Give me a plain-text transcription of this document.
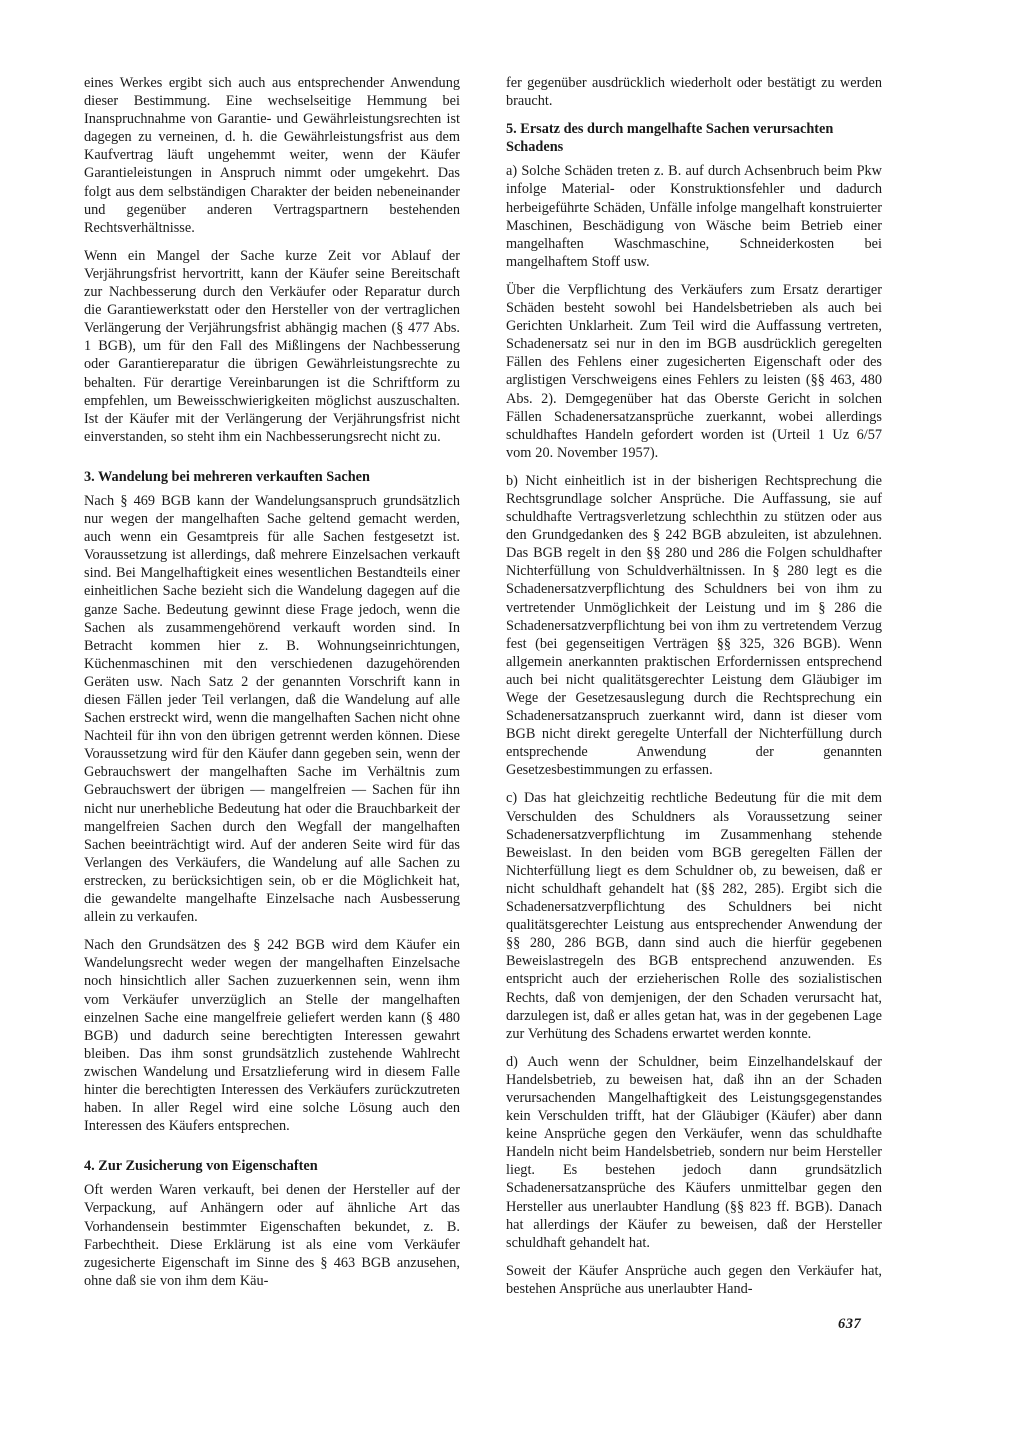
eines Werkes ergibt sich auch aus entsprechender Anwendung dieser Bestimmung. Eine wechselseitige Hemmung bei Inanspruchnahme von Garantie- und Gewährleistungsrechten ist dagegen zu verneinen, d. h. die Gewährleistungsfrist aus dem Kaufvertrag läuft ungehemmt weiter, wenn der Käufer Garantieleistungen in Anspruch nimmt oder umgekehrt. Das folgt aus dem selbständigen Charakter der beiden nebeneinander und gegenüber anderen Vertragspartnern bestehenden Rechtsverhältnisse.

Wenn ein Mangel der Sache kurze Zeit vor Ablauf der Verjährungsfrist hervortritt, kann der Käufer seine Bereitschaft zur Nachbesserung durch den Verkäufer oder Reparatur durch die Garantiewerkstatt oder den Hersteller von der vertraglichen Verlängerung der Verjährungsfrist abhängig machen (§ 477 Abs. 1 BGB), um für den Fall des Mißlingens der Nachbesserung oder Garantiereparatur die übrigen Gewährleistungsrechte zu behalten. Für derartige Vereinbarungen ist die Schriftform zu empfehlen, um Beweisschwierigkeiten möglichst auszuschalten. Ist der Käufer mit der Verlängerung der Verjährungsfrist nicht einverstanden, so steht ihm ein Nachbesserungsrecht nicht zu.

3. Wandelung bei mehreren verkauften Sachen

Nach § 469 BGB kann der Wandelungsanspruch grundsätzlich nur wegen der mangelhaften Sache geltend gemacht werden, auch wenn ein Gesamtpreis für alle Sachen festgesetzt ist. Voraussetzung ist allerdings, daß mehrere Einzelsachen verkauft sind. Bei Mangelhaftigkeit eines wesentlichen Bestandteils einer einheitlichen Sache bezieht sich die Wandelung dagegen auf die ganze Sache. Bedeutung gewinnt diese Frage jedoch, wenn die Sachen als zusammengehörend verkauft worden sind. In Betracht kommen hier z. B. Wohnungseinrichtungen, Küchenmaschinen mit den verschiedenen dazugehörenden Geräten usw. Nach Satz 2 der genannten Vorschrift kann in diesen Fällen jeder Teil verlangen, daß die Wandelung auf alle Sachen erstreckt wird, wenn die mangelhaften Sachen nicht ohne Nachteil für ihn von den übrigen getrennt werden können. Diese Voraussetzung wird für den Käufer dann gegeben sein, wenn der Gebrauchswert der mangelhaften Sache im Verhältnis zum Gebrauchswert der übrigen — mangelfreien — Sachen für ihn nicht nur unerhebliche Bedeutung hat oder die Brauchbarkeit der mangelfreien Sachen durch den Wegfall der mangelhaften Sachen beeinträchtigt wird. Auf der anderen Seite wird für das Verlangen des Verkäufers, die Wandelung auf alle Sachen zu erstrecken, zu berücksichtigen sein, ob er die Möglichkeit hat, die gewandelte mangelhafte Einzelsache nach Ausbesserung allein zu verkaufen.

Nach den Grundsätzen des § 242 BGB wird dem Käufer ein Wandelungsrecht weder wegen der mangelhaften Einzelsache noch hinsichtlich aller Sachen zuzuerkennen sein, wenn ihm vom Verkäufer unverzüglich an Stelle der mangelhaften einzelnen Sache eine mangelfreie geliefert werden kann (§ 480 BGB) und dadurch seine berechtigten Interessen gewahrt bleiben. Das ihm sonst grundsätzlich zustehende Wahlrecht zwischen Wandelung und Ersatzlieferung wird in diesem Falle hinter die berechtigten Interessen des Verkäufers zurückzutreten haben. In aller Regel wird eine solche Lösung auch den Interessen des Käufers entsprechen.

4. Zur Zusicherung von Eigenschaften

Oft werden Waren verkauft, bei denen der Hersteller auf der Verpackung, auf Anhängern oder auf ähnliche Art das Vorhandensein bestimmter Eigenschaften bekundet, z. B. Farbechtheit. Diese Erklärung ist als eine vom Verkäufer zugesicherte Eigenschaft im Sinne des § 463 BGB anzusehen, ohne daß sie von ihm dem Käu-

fer gegenüber ausdrücklich wiederholt oder bestätigt zu werden braucht.

5. Ersatz des durch mangelhafte Sachen verursachten Schadens

a) Solche Schäden treten z. B. auf durch Achsenbruch beim Pkw infolge Material- oder Konstruktionsfehler und dadurch herbeigeführte Schäden, Unfälle infolge mangelhaft konstruierter Maschinen, Beschädigung von Wäsche beim Betrieb einer mangelhaften Waschmaschine, Schneiderkosten bei mangelhaftem Stoff usw.

Über die Verpflichtung des Verkäufers zum Ersatz derartiger Schäden besteht sowohl bei Handelsbetrieben als auch bei Gerichten Unklarheit. Zum Teil wird die Auffassung vertreten, Schadenersatz sei nur in den im BGB ausdrücklich geregelten Fällen des Fehlens einer zugesicherten Eigenschaft oder des arglistigen Verschweigens eines Fehlers zu leisten (§§ 463, 480 Abs. 2). Demgegenüber hat das Oberste Gericht in solchen Fällen Schadenersatzansprüche zuerkannt, wobei allerdings schuldhaftes Handeln gefordert worden ist (Urteil 1 Uz 6/57 vom 20. November 1957).

b) Nicht einheitlich ist in der bisherigen Rechtsprechung die Rechtsgrundlage solcher Ansprüche. Die Auffassung, sie auf schuldhafte Vertragsverletzung schlechthin zu stützen oder aus den Grundgedanken des § 242 BGB abzuleiten, ist abzulehnen. Das BGB regelt in den §§ 280 und 286 die Folgen schuldhafter Nichterfüllung von Schuldverhältnissen. In § 280 legt es die Schadenersatzverpflichtung des Schuldners bei von ihm zu vertretender Unmöglichkeit der Leistung und im § 286 die Schadenersatzverpflichtung bei von ihm zu vertretendem Verzug fest (bei gegenseitigen Verträgen §§ 325, 326 BGB). Wenn allgemein anerkannten praktischen Erfordernissen entsprechend auch bei nicht qualitätsgerechter Leistung dem Gläubiger im Wege der Gesetzesauslegung durch die Rechtsprechung ein Schadenersatzanspruch zuerkannt wird, dann ist dieser vom BGB nicht direkt geregelte Unterfall der Nichterfüllung durch entsprechende Anwendung der genannten Gesetzesbestimmungen zu erfassen.

c) Das hat gleichzeitig rechtliche Bedeutung für die mit dem Verschulden des Schuldners als Voraussetzung seiner Schadenersatzverpflichtung im Zusammenhang stehende Beweislast. In den beiden vom BGB geregelten Fällen der Nichterfüllung liegt es dem Schuldner ob, zu beweisen, daß er nicht schuldhaft gehandelt hat (§§ 282, 285). Ergibt sich die Schadenersatzverpflichtung des Schuldners bei nicht qualitätsgerechter Leistung aus entsprechender Anwendung der §§ 280, 286 BGB, dann sind auch die hierfür gegebenen Beweislastregeln des BGB entsprechend anzuwenden. Es entspricht auch der erzieherischen Rolle des sozialistischen Rechts, daß von demjenigen, der den Schaden verursacht hat, darzulegen ist, daß er alles getan hat, was in der gegebenen Lage zur Verhütung des Schadens erwartet werden konnte.

d) Auch wenn der Schuldner, beim Einzelhandelskauf der Handelsbetrieb, zu beweisen hat, daß ihn an der Schaden verursachenden Mangelhaftigkeit des Leistungsgegenstandes kein Verschulden trifft, hat der Gläubiger (Käufer) aber dann keine Ansprüche gegen den Verkäufer, wenn das schuldhafte Handeln nicht beim Handelsbetrieb, sondern nur beim Hersteller liegt. Es bestehen jedoch dann grundsätzlich Schadenersatzansprüche des Käufers unmittelbar gegen den Hersteller aus unerlaubter Handlung (§§ 823 ff. BGB). Danach hat allerdings der Käufer zu beweisen, daß der Hersteller schuldhaft gehandelt hat.

Soweit der Käufer Ansprüche auch gegen den Verkäufer hat, bestehen Ansprüche aus unerlaubter Hand-

637
